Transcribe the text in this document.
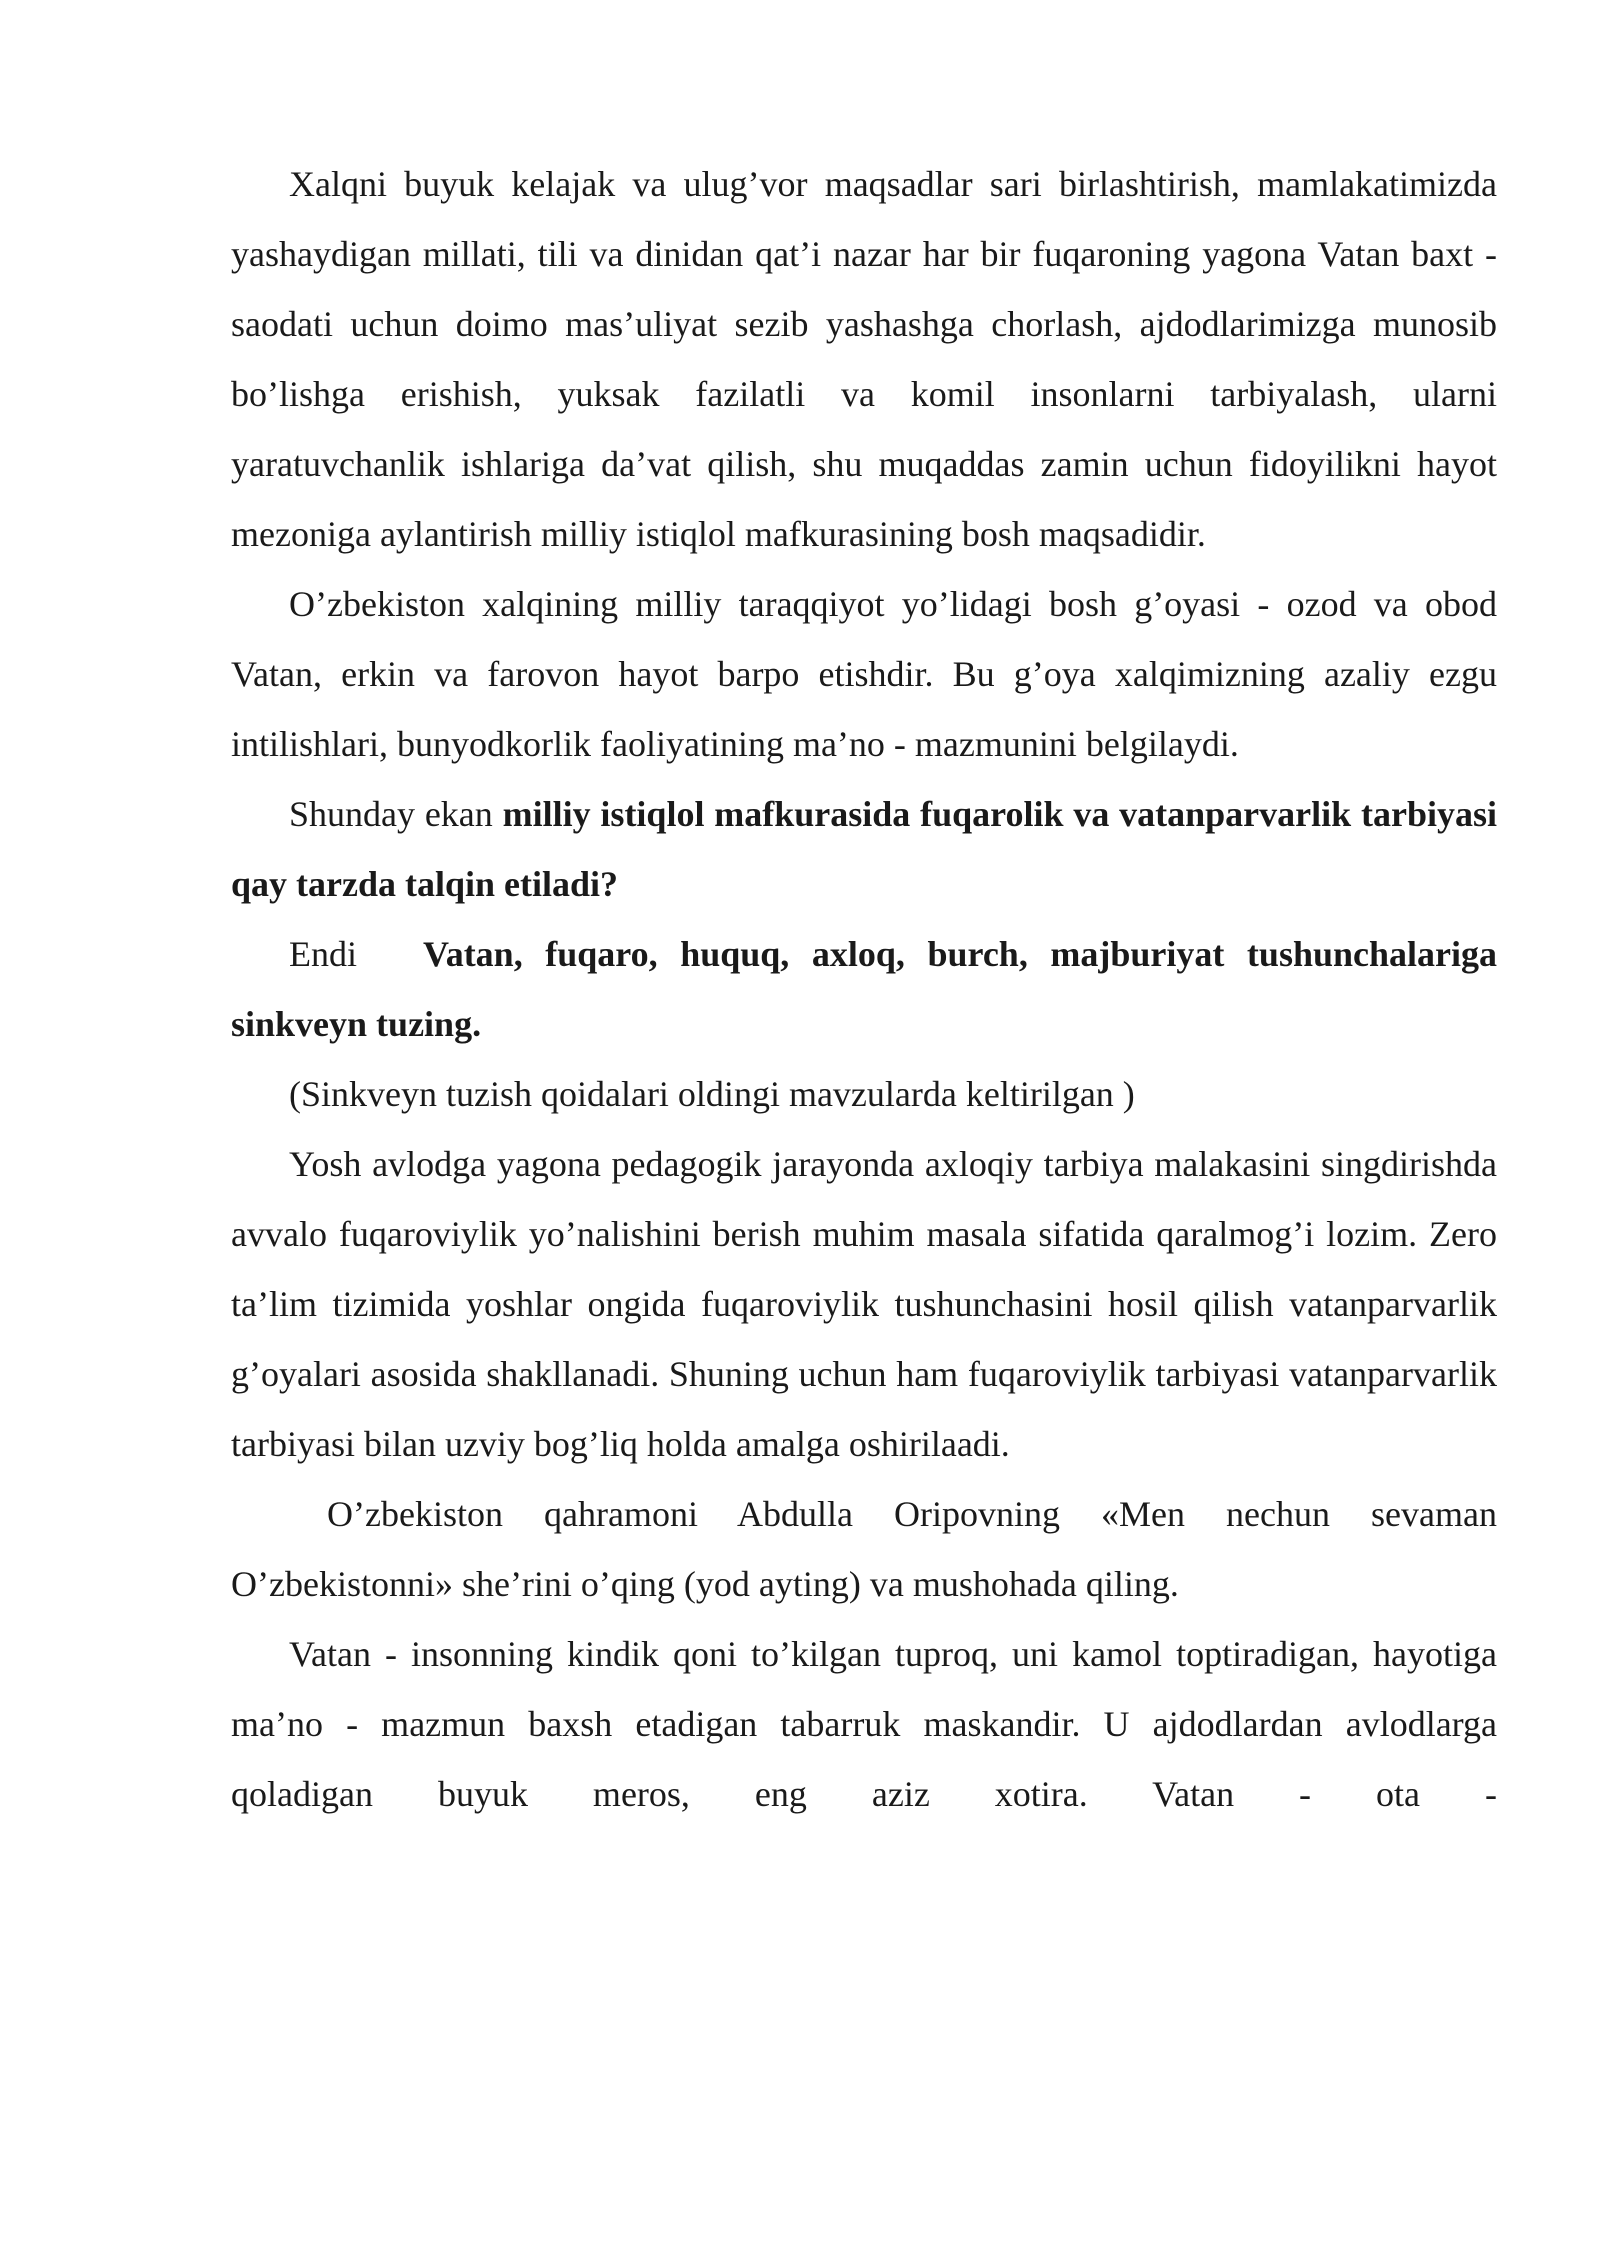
Xalqni buyuk kelajak va ulug’vor maqsadlar sari birlashtirish, mamlakatimizda yashaydigan millati, tili va dinidan qat’i nazar har bir fuqaroning yagona Vatan baxt - saodati uchun doimo mas’uliyat sezib yashashga chorlash, ajdodlarimizga munosib bo’lishga erishish, yuksak fazilatli va komil insonlarni tarbiyalash, ularni yaratuvchanlik ishlariga da’vat qilish, shu muqaddas zamin uchun fidoyilikni hayot mezoniga aylantirish milliy istiqlol mafkurasining bosh maqsadidir.

O’zbekiston xalqining milliy taraqqiyot yo’lidagi bosh g’oyasi - ozod va obod Vatan, erkin va farovon hayot barpo etishdir. Bu g’oya xalqimizning azaliy ezgu intilishlari, bunyodkorlik faoliyatining ma’no - mazmunini belgilaydi.

Shunday ekan milliy istiqlol mafkurasida fuqarolik va vatanparvarlik tarbiyasi qay tarzda talqin etiladi?

Endi Vatan, fuqaro, huquq, axloq, burch, majburiyat tushunchalariga sinkveyn tuzing.

(Sinkveyn tuzish qoidalari oldingi mavzularda keltirilgan )

Yosh avlodga yagona pedagogik jarayonda axloqiy tarbiya malakasini singdirishda avvalo fuqaroviylik yo’nalishini berish muhim masala sifatida qaralmog’i lozim. Zero ta’lim tizimida yoshlar ongida fuqaroviylik tushunchasini hosil qilish vatanparvarlik g’oyalari asosida shakllanadi. Shuning uchun ham fuqaroviylik tarbiyasi vatanparvarlik tarbiyasi bilan uzviy bog’liq holda amalga oshirilaadi.

O’zbekiston qahramoni Abdulla Oripovning «Men nechun sevaman O’zbekistonni» she’rini o’qing (yod ayting) va mushohada qiling.

Vatan - insonning kindik qoni to’kilgan tuproq, uni kamol toptiradigan, hayotiga ma’no - mazmun baxsh etadigan tabarruk maskandir. U ajdodlardan avlodlarga qoladigan buyuk meros, eng aziz xotira. Vatan - ota -
